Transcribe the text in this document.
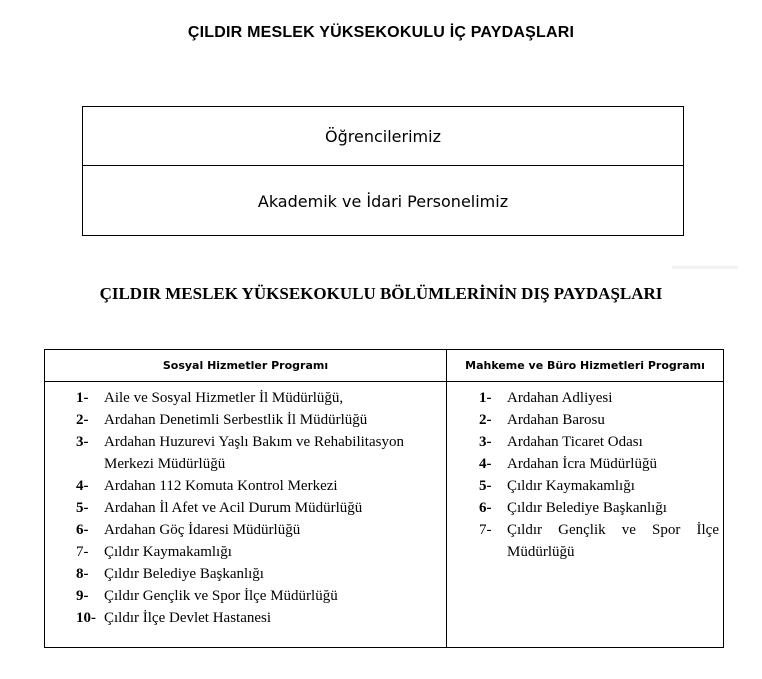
ÇILDIR MESLEK YÜKSEKOKULU İÇ PAYDAŞLARI
Öğrencilerimiz
Akademik ve İdari Personelimiz
ÇILDIR MESLEK YÜKSEKOKULU BÖLÜMLERİNİN DIŞ PAYDAŞLARI
Sosyal Hizmetler Programı
1-	Aile ve Sosyal Hizmetler İl Müdürlüğü,
2-	Ardahan Denetimli Serbestlik İl Müdürlüğü
3-	Ardahan Huzurevi Yaşlı Bakım ve Rehabilitasyon Merkezi Müdürlüğü
4-	Ardahan 112 Komuta Kontrol Merkezi
5-	Ardahan İl Afet ve Acil Durum Müdürlüğü
6-	Ardahan Göç İdaresi Müdürlüğü
7-	Çıldır Kaymakamlığı
8-	Çıldır Belediye Başkanlığı
9-	Çıldır Gençlik ve Spor İlçe Müdürlüğü
10- Çıldır İlçe Devlet Hastanesi
Mahkeme ve Büro Hizmetleri Programı
1-	Ardahan Adliyesi
2-	Ardahan Barosu
3-	Ardahan Ticaret Odası
4-	Ardahan İcra Müdürlüğü
5-	Çıldır Kaymakamlığı
6-	Çıldır Belediye Başkanlığı
7-	Çıldır Gençlik ve Spor İlçe Müdürlüğü
